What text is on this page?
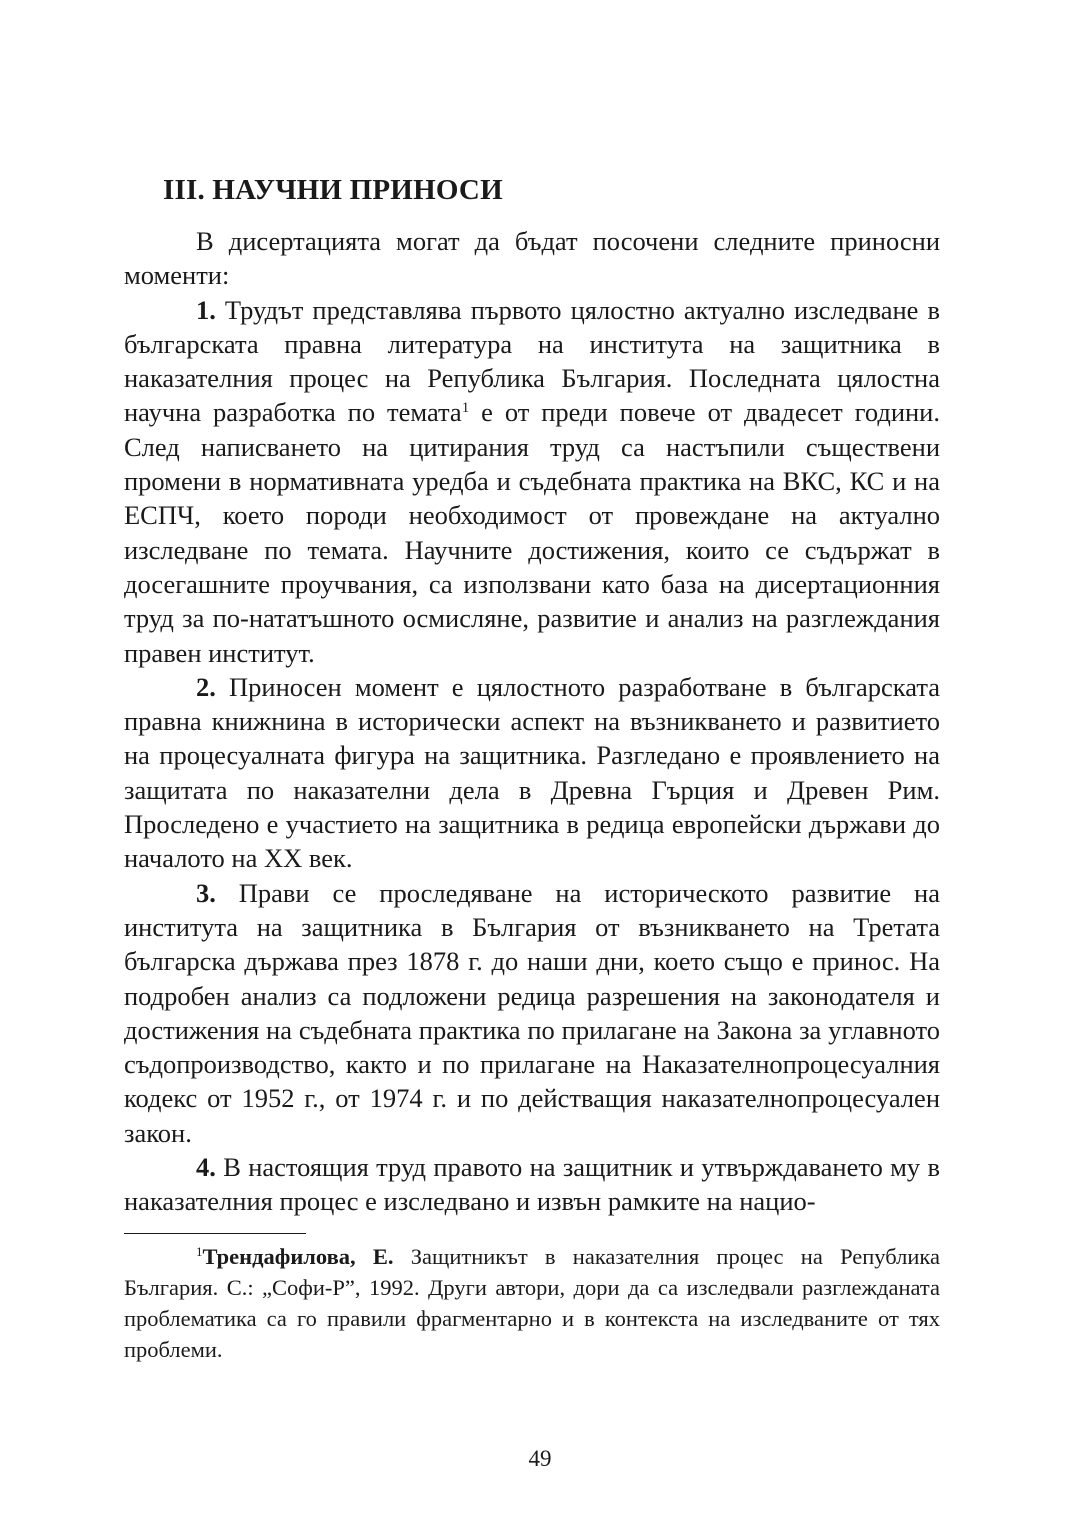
III. НАУЧНИ ПРИНОСИ

В дисертацията могат да бъдат посочени следните приносни моменти:

1. Трудът представлява първото цялостно актуално изследване в българската правна литература на института на защитника в наказателния процес на Република България. Последната цялостна научна разработка по темата$^1$ е от преди повече от двадесет години. След написването на цитирания труд са настъпили съществени промени в нормативната уредба и съдебната практика на ВКС, КС и на ЕСПЧ, което породи необходимост от провеждане на актуално изследване по темата. Научните достижения, които се съдържат в досегашните проучвания, са използвани като база на дисертационния труд за по-нататъшното осмисляне, развитие и анализ на разглеждания правен институт.

2. Приносен момент е цялостното разработване в българската правна книжнина в исторически аспект на възникването и развитието на процесуалната фигура на защитника. Разгледано е проявлението на защитата по наказателни дела в Древна Гърция и Древен Рим. Проследено е участието на защитника в редица европейски държави до началото на XX век.

3. Прави се проследяване на историческото развитие на института на защитника в България от възникването на Третата българска държава през 1878 г. до наши дни, което също е принос. На подробен анализ са подложени редица разрешения на законодателя и достижения на съдебната практика по прилагане на Закона за углавното съдопроизводство, както и по прилагане на Наказателнопроцесуалния кодекс от 1952 г., от 1974 г. и по действащия наказателнопроцесуален закон.

4. В настоящия труд правото на защитник и утвърждаването му в наказателния процес е изследвано и извън рамките на нацио-

$^1$Трендафилова, Е. Защитникът в наказателния процес на Република България. С.: „Софи-Р”, 1992. Други автори, дори да са изследвали разглежданата проблематика са го правили фрагментарно и в контекста на изследваните от тях проблеми.

49
